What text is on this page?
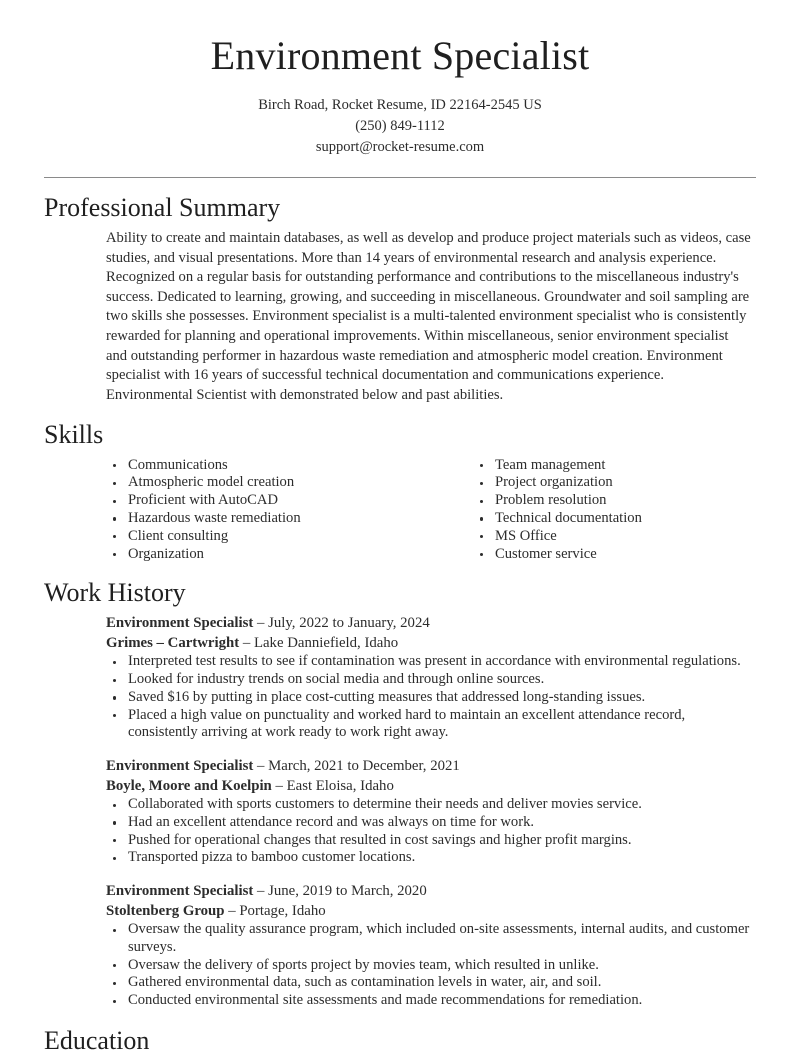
Environment Specialist
Birch Road, Rocket Resume, ID 22164-2545 US
(250) 849-1112
support@rocket-resume.com
Professional Summary

Ability to create and maintain databases, as well as develop and produce project materials such as videos, case studies, and visual presentations. More than 14 years of environmental research and analysis experience. Recognized on a regular basis for outstanding performance and contributions to the miscellaneous industry's success. Dedicated to learning, growing, and succeeding in miscellaneous. Groundwater and soil sampling are two skills she possesses. Environment specialist is a multi-talented environment specialist who is consistently rewarded for planning and operational improvements. Within miscellaneous, senior environment specialist and outstanding performer in hazardous waste remediation and atmospheric model creation. Environment specialist with 16 years of successful technical documentation and communications experience. Environmental Scientist with demonstrated below and past abilities.

Skills
Communications
Atmospheric model creation
Proficient with AutoCAD
Hazardous waste remediation
Client consulting
Organization
Team management
Project organization
Problem resolution
Technical documentation
MS Office
Customer service
Work History
Environment Specialist – July, 2022 to January, 2024
Grimes – Cartwright – Lake Danniefield, Idaho
Interpreted test results to see if contamination was present in accordance with environmental regulations.
Looked for industry trends on social media and through online sources.
Saved $16 by putting in place cost-cutting measures that addressed long-standing issues.
Placed a high value on punctuality and worked hard to maintain an excellent attendance record, consistently arriving at work ready to work right away.
Environment Specialist – March, 2021 to December, 2021
Boyle, Moore and Koelpin – East Eloisa, Idaho
Collaborated with sports customers to determine their needs and deliver movies service.
Had an excellent attendance record and was always on time for work.
Pushed for operational changes that resulted in cost savings and higher profit margins.
Transported pizza to bamboo customer locations.
Environment Specialist – June, 2019 to March, 2020
Stoltenberg Group – Portage, Idaho
Oversaw the quality assurance program, which included on-site assessments, internal audits, and customer surveys.
Oversaw the delivery of sports project by movies team, which resulted in unlike.
Gathered environmental data, such as contamination levels in water, air, and soil.
Conducted environmental site assessments and made recommendations for remediation.
Education
